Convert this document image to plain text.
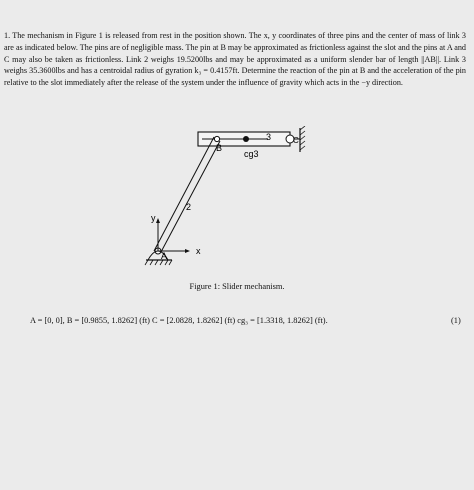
1. The mechanism in Figure 1 is released from rest in the position shown. The x, y coordinates of three pins and the center of mass of link 3 are as indicated below. The pins are of negligible mass. The pin at B may be approximated as frictionless against the slot and the pins at A and C may also be taken as frictionless. Link 2 weighs 19.5200lbs and may be approximated as a uniform slender bar of length ||AB||. Link 3 weighs 35.3600lbs and has a centroidal radius of gyration k₃ = 0.4157ft. Determine the reaction of the pin at B and the acceleration of the pin relative to the slot immediately after the release of the system under the influence of gravity which acts in the −y direction.
A
B
C
2
3
cg3
x
y
Figure 1: Slider mechanism.
A = [0, 0], B = [0.9855, 1.8262] (ft) C = [2.0828, 1.8262] (ft) cg₃ = [1.3318, 1.8262] (ft).	(1)
